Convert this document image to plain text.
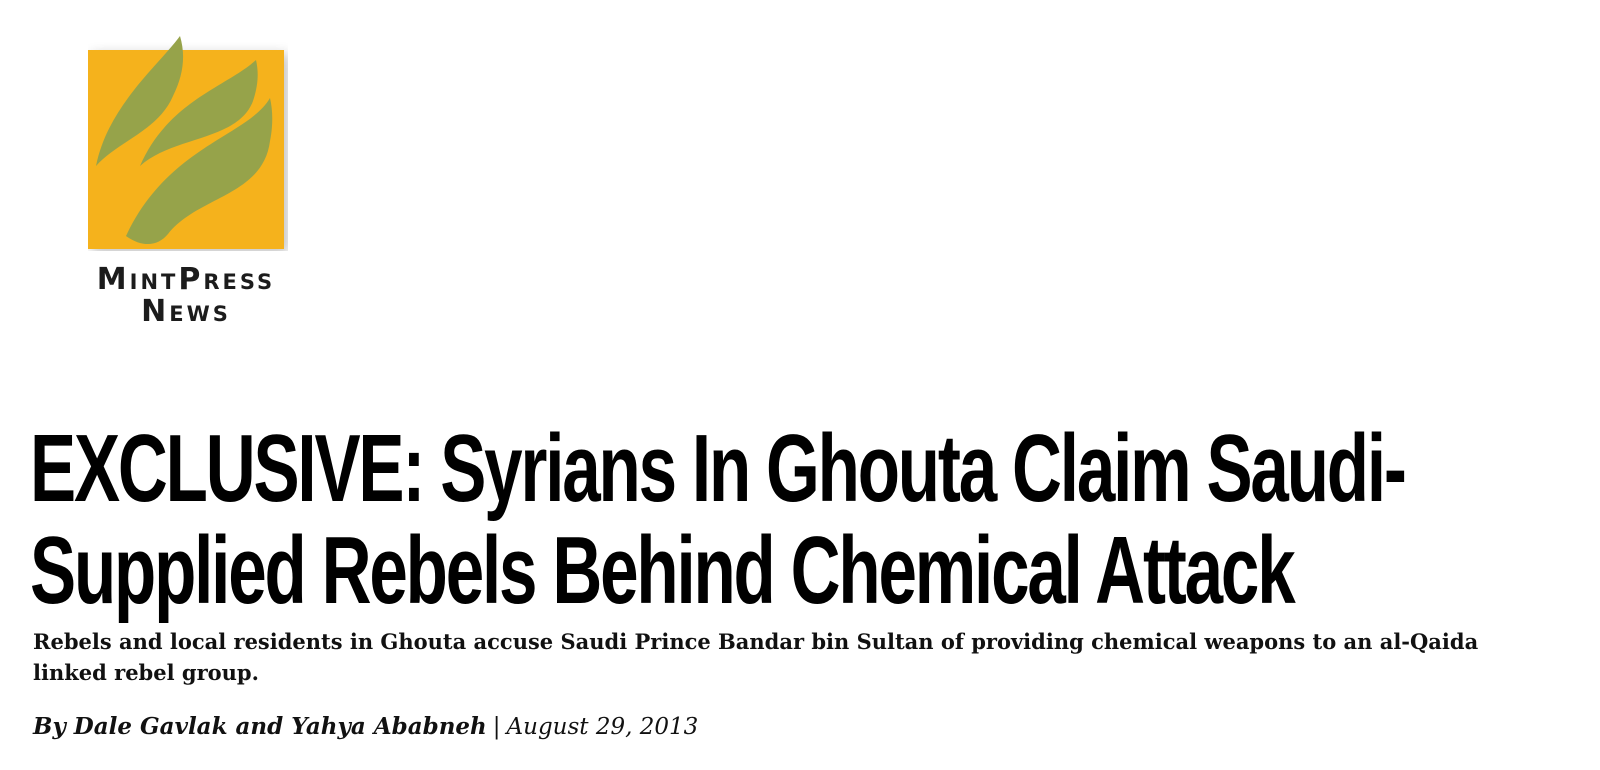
MintPress
News
EXCLUSIVE: Syrians In Ghouta Claim Saudi-
Supplied Rebels Behind Chemical Attack

Rebels and local residents in Ghouta accuse Saudi Prince Bandar bin Sultan of providing chemical weapons to an al-Qaida linked rebel group.

By Dale Gavlak and Yahya Ababneh | August 29, 2013
